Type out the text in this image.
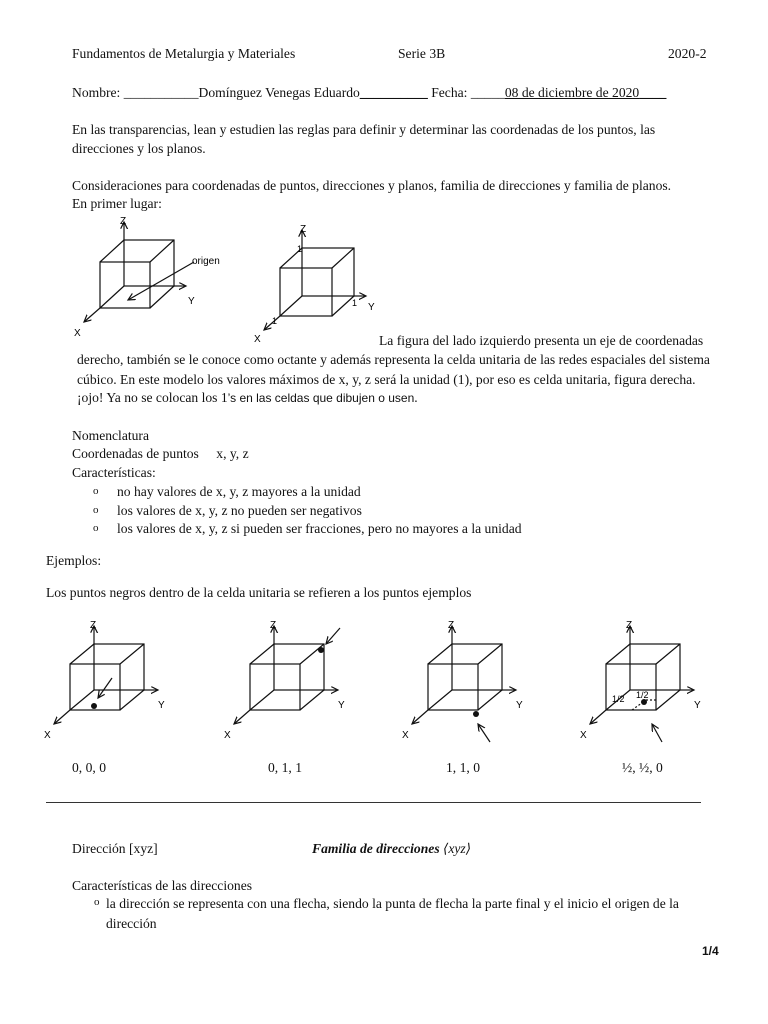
Fundamentos de Metalurgia y Materiales	Serie 3B	2020-2
Nombre: ___________Domínguez Venegas Eduardo__________ Fecha: _____08 de diciembre de 2020____
En las transparencias, lean y estudien las reglas para definir y determinar las coordenadas de los puntos, las
direcciones y los planos.
Consideraciones para coordenadas de puntos, direcciones y planos, familia de direcciones y familia de planos.
En primer lugar:
Z
Y
X
origen
Z
Y
X
1
1
1
La figura del lado izquierdo presenta un eje de coordenadas
derecho, también se le conoce como octante y además representa la celda unitaria de las redes espaciales del sistema
cúbico. En este modelo los valores máximos de x, y, z será la unidad (1), por eso es celda unitaria, figura derecha.
¡ojo! Ya no se colocan los 1’s en las celdas que dibujen o usen.
Nomenclatura
Coordenadas de puntos x, y, z
Características:
o no hay valores de x, y, z mayores a la unidad
o los valores de x, y, z no pueden ser negativos
o los valores de x, y, z si pueden ser fracciones, pero no mayores a la unidad
Ejemplos:
Los puntos negros dentro de la celda unitaria se refieren a los puntos ejemplos
Z
Y
X
Z
Y
X
Z
Y
X
1/2 1/2
Z
Y
X
0, 0, 0	0, 1, 1	1, 1, 0	½, ½, 0
Dirección [xyz]	Familia de direcciones ⟨xyz⟩
Características de las direcciones
o la dirección se representa con una flecha, siendo la punta de flecha la parte final y el inicio el origen de la
dirección
1/4
